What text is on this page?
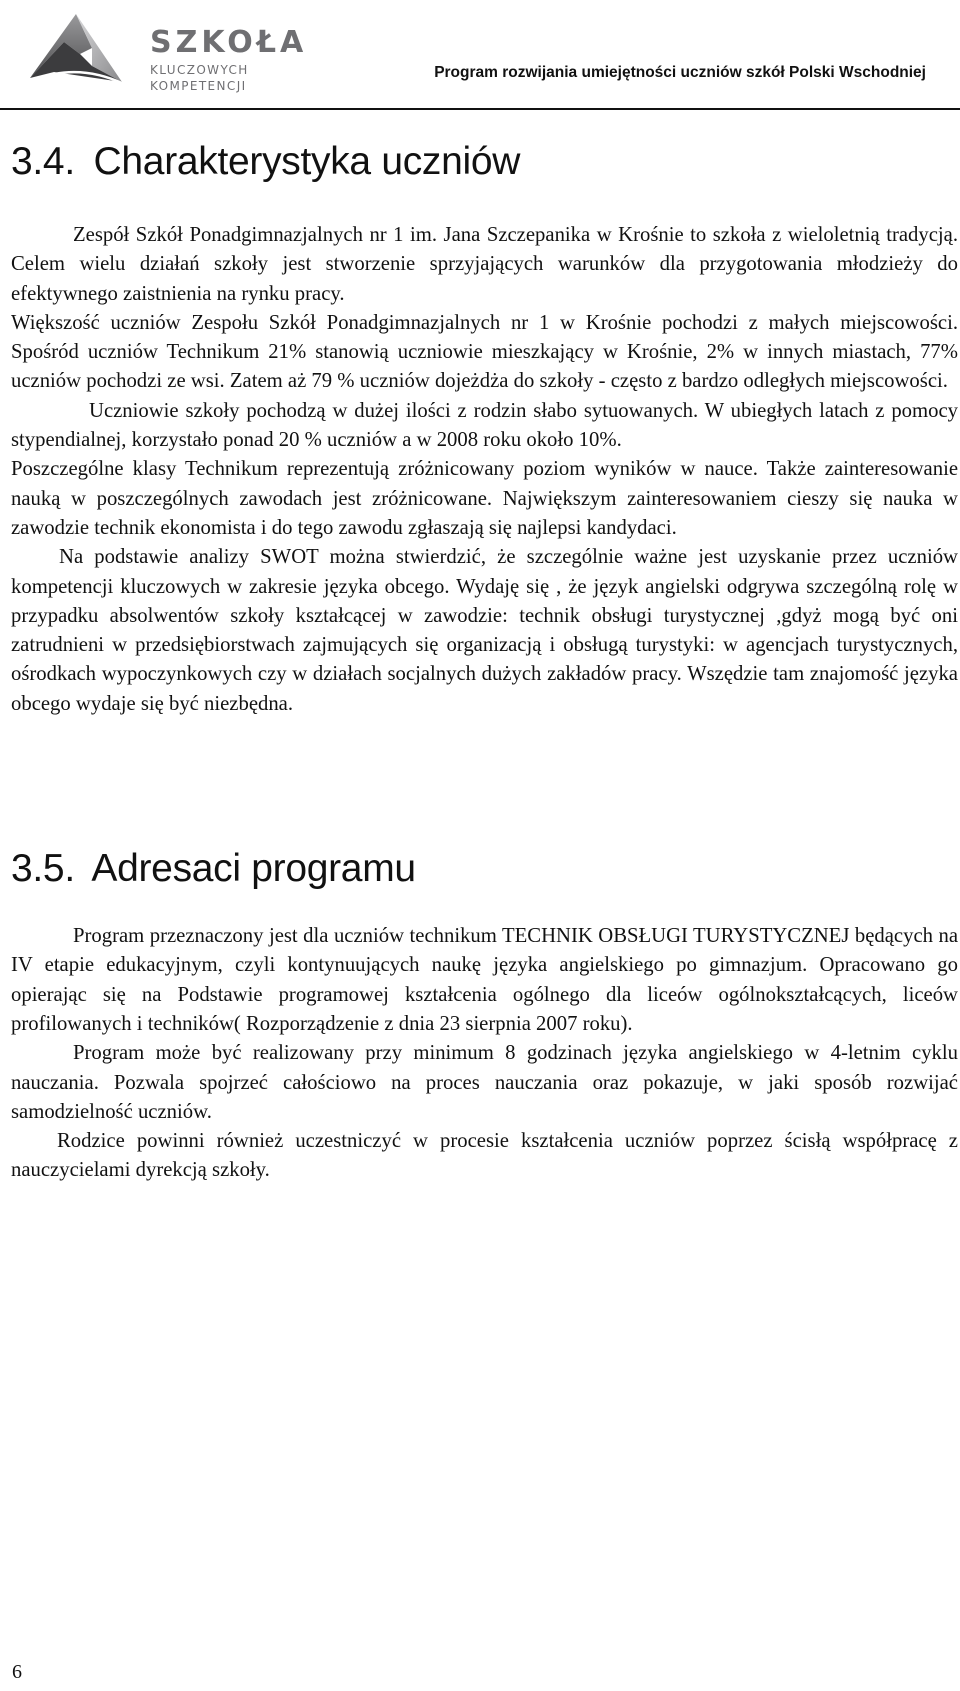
SZKOŁA
KLUCZOWYCH KOMPETENCJI
Program rozwijania umiejętności uczniów szkół Polski Wschodniej
3.4. Charakterystyka uczniów

Zespół Szkół Ponadgimnazjalnych nr 1 im. Jana Szczepanika w Krośnie to szkoła z wieloletnią tradycją. Celem wielu działań szkoły jest stworzenie sprzyjających warunków dla przygotowania młodzieży do efektywnego zaistnienia na rynku pracy.

Większość uczniów Zespołu Szkół Ponadgimnazjalnych nr 1 w Krośnie pochodzi z małych miejscowości. Spośród uczniów Technikum 21% stanowią uczniowie mieszkający w Krośnie, 2% w innych miastach, 77% uczniów pochodzi ze wsi. Zatem aż 79 % uczniów dojeżdża do szkoły - często z bardzo odległych miejscowości.

Uczniowie szkoły pochodzą w dużej ilości z rodzin słabo sytuowanych. W ubiegłych latach z pomocy stypendialnej, korzystało ponad 20 % uczniów a w 2008 roku około 10%.

Poszczególne klasy Technikum reprezentują zróżnicowany poziom wyników w nauce. Także zainteresowanie nauką w poszczególnych zawodach jest zróżnicowane. Największym zainteresowaniem cieszy się nauka w zawodzie technik ekonomista i do tego zawodu zgłaszają się najlepsi kandydaci.

Na podstawie analizy SWOT można stwierdzić, że szczególnie ważne jest uzyskanie przez uczniów kompetencji kluczowych w zakresie języka obcego. Wydaję się , że język angielski odgrywa szczególną rolę w przypadku absolwentów szkoły kształcącej w zawodzie: technik obsługi turystycznej ,gdyż mogą być oni zatrudnieni w przedsiębiorstwach zajmujących się organizacją i obsługą turystyki: w agencjach turystycznych, ośrodkach wypoczynkowych czy w działach socjalnych dużych zakładów pracy. Wszędzie tam znajomość języka obcego wydaje się być niezbędna.

3.5. Adresaci programu

Program przeznaczony jest dla uczniów technikum TECHNIK OBSŁUGI TURYSTYCZNEJ będących na IV etapie edukacyjnym, czyli kontynuujących naukę języka angielskiego po gimnazjum. Opracowano go opierając się na Podstawie programowej kształcenia ogólnego dla liceów ogólnokształcących, liceów profilowanych i techników( Rozporządzenie z dnia 23 sierpnia 2007 roku).

Program może być realizowany przy minimum 8 godzinach języka angielskiego w 4-letnim cyklu nauczania. Pozwala spojrzeć całościowo na proces nauczania oraz pokazuje, w jaki sposób rozwijać samodzielność uczniów.

Rodzice powinni również uczestniczyć w procesie kształcenia uczniów poprzez ścisłą współpracę z nauczycielami dyrekcją szkoły.

6
